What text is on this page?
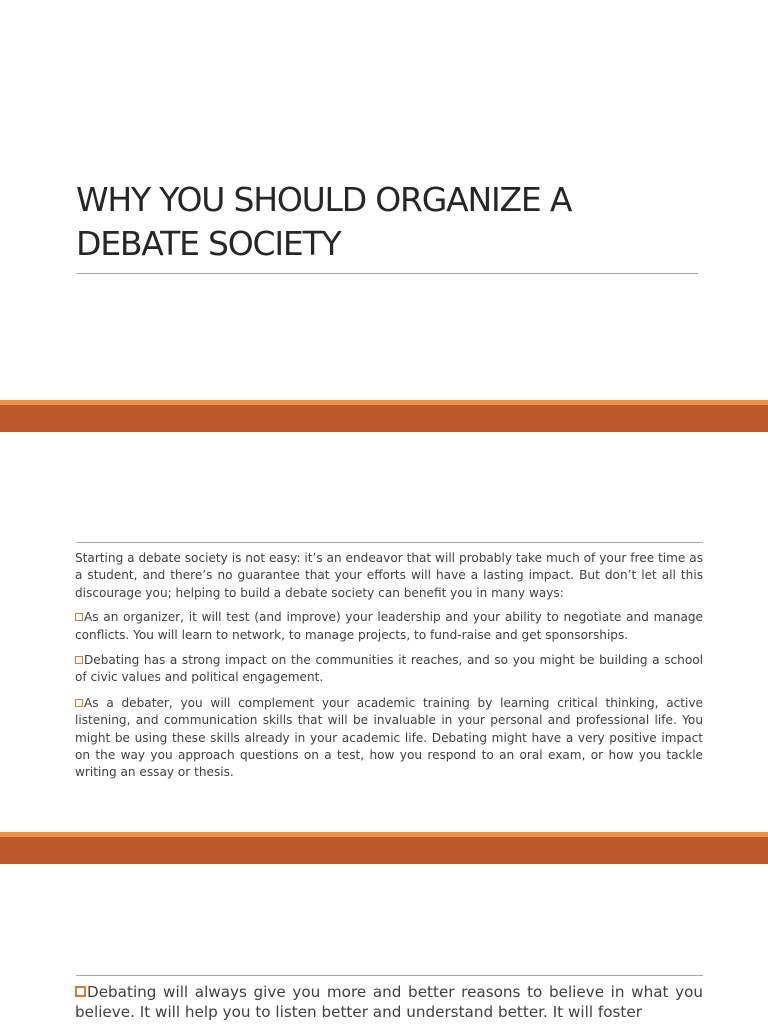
WHY YOU SHOULD ORGANIZE A
DEBATE SOCIETY

Starting a debate society is not easy: it’s an endeavor that will probably take much of your free time as a student, and there’s no guarantee that your efforts will have a lasting impact. But don’t let all this discourage you; helping to build a debate society can benefit you in many ways:

As an organizer, it will test (and improve) your leadership and your ability to negotiate and manage conflicts. You will learn to network, to manage projects, to fund-raise and get sponsorships.

Debating has a strong impact on the communities it reaches, and so you might be building a school of civic values and political engagement.

As a debater, you will complement your academic training by learning critical thinking, active listening, and communication skills that will be invaluable in your personal and professional life. You might be using these skills already in your academic life. Debating might have a very positive impact on the way you approach questions on a test, how you respond to an oral exam, or how you tackle writing an essay or thesis.

Debating will always give you more and better reasons to believe in what you believe. It will help you to listen better and understand better. It will foster
